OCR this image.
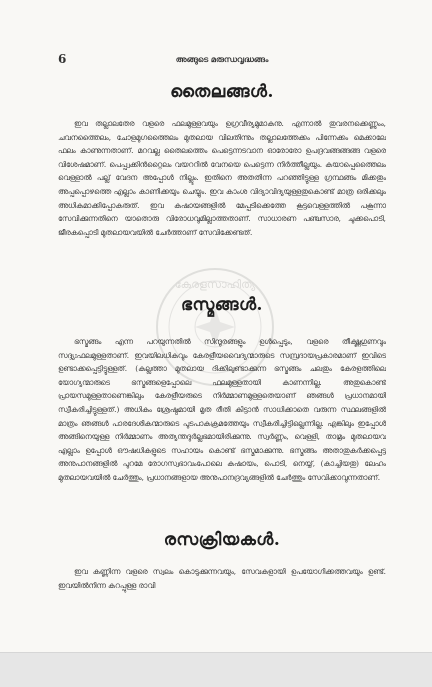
6	അങ്ങുടെ മരുന്ധവൃദ്ധങ്ങം
തൈലങ്ങൾ.

ഇവ തല്ലാലതേര വളരെ ഫലമുള്ളവയും ഉഗ്രവീര്യമുമാകനു. എന്നാൽ തുവരനക്കെണ്ണുംം, ചവനത്തൈലം, ചോളമുഗത്തൈലം മുതലായ വിലതിന്നും തല്ലാലത്തേക്കം പിന്നേക്കം മെക്കാലേ ഫലം കാണുന്നതാണ്. മറവല്ല തൈലത്തെം പെട്ടെന്നടവാന ഓരോരോ ഉപദ്രവങ്ങങ്ങങ്ങ വളരെ വിശേഷമാണ്. പെപ്പ്വക്കിൻറ്റൈലം വയററിൽ വേനയെ പെട്ടെന്ന നിർത്തീല്ലയും. കയാപ്പെത്തൈലം വെള്ളാൽ പല്ല് വേദന അപ്പോൾ നില്ലും. ഇതിനെ അതതിന്ന പറഞ്ഞിട്ടുള്ള ഗ്രന്ഥങ്ങം മിക്കതും അപ്പപ്പൊഴത്തെ എല്ലാം കാണിക്കയും ചെയ്യും. ഇവ കാംശ വിദ്യാവിദ്യയുള്ളതുകൊണ്ട് മാത്ര ഒരിക്കലും അധികമാക്കിപ്പോകരുത്. ഇവ കഷായങ്ങളിൽ മേപ്പടിക്കെത്തേ കൂട്ടവെള്ളത്തിൽ പകൂന്നാ സേവിക്കുന്നതിനെ യാതൊരു വിരോധവുമില്ലാത്തതാണ്. സാധാരണ പഞ്ചസാര, ചുക്കപൊടി, ജീരകപ്പൊടി മുതലായവയിൽ ചേർത്താണ് സേവിക്കേണ്ടത്.

കേരളസാഹിത്യ
ഭസ്മങ്ങൾ.

ഭസ്മങ്ങം എന്ന പറയുന്നതിൽ സിന്ദൂരങ്ങളും ഉൾപ്പെടും, വളരെ തീക്ഷ്ണഗുണവും സദ്ദ്യഃഫലമുള്ളതാണ്. ഇവയിലധികവും കേരളീയവൈദ്യന്മാരുടെ സമ്പ്രദായപ്രകാരമാണ് ഇവിടെ ഉണ്ടാക്കപ്പെട്ടിട്ടുള്ളത്. (കല്ലത്താ മുതലായ ദിക്കിലുണ്ടാക്കുന്ന ഭസ്മങ്ങം ചലതും കേരളത്തിലെ യോഗ്യന്മാരുടെ ഭസ്മങ്ങളെപ്പോലെ ഫലമുള്ളതായി കാണന്നില്ല. അതുകൊണ്ട് പ്രായസമുള്ളതാണെങ്കിലും കേരളീയരുടെ നിർമ്മാണമുള്ളതെയാണ് ഞങ്ങൾ പ്രധാനമായി സ്വീകരിച്ചിട്ടുള്ളത്.) അധികം ശ്രേഷ്ഠമായി മൃത രീതി കിട്ടാൻ സാധിക്കാതെ വരുന്ന സ്ഥലങ്ങളിൽ മാത്രം ഞങ്ങൾ പാരദേശികന്മാരുടെ പുടപാകക്രമത്തേയും സ്വീകരിച്ചിട്ടില്ലെന്നില്ല. എങ്കിലും ഇപ്പോൾ അങ്ങിനെയുള്ള നിർമ്മാണം അത്യന്തദുർല്ലഭമായിരിക്കുന്നു. സ്വർണ്ണം, വെള്ളി, താമ്രം മുതലായവ എല്ലാം ഉപ്പോൾ ഔഷധികളുടെ സഹായം കൊണ്ട് ഭസ്മമാക്കുന്നു. ഭസ്മങ്ങം അതാതുകർക്കപ്പെട്ട അനുപാനങ്ങളിൽ പുറമേ രോഗസ്വഭാവംപോലെ കഷായം, പൊടി, നെയ്യ്, (കാച്ചിയതു) ലേഹം മുതലായവയിൽ ചേർത്തും, പ്രധാനങ്ങളായ അനുപാനദ്രവ്യങ്ങളിൽ ചേർത്തും സേവിക്കാവുന്നതാണ്.

രസക്രിയകൾ.

ഇവ കണ്ണിന്ന വളരെ സ്വലം കൊടുക്കുന്നവയും, സേവകളായി ഉപയോഗിക്കത്തവയും ഉണ്ട്. ഇവയിൽനിന്ന കറപ്പുള്ള രാവി
